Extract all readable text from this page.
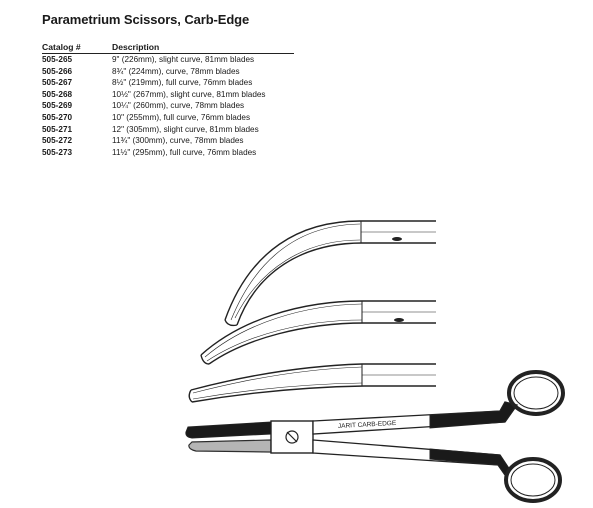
Parametrium Scissors, Carb-Edge
Catalog #	Description
505-265	9" (226mm), slight curve, 81mm blades
505-266	8¾" (224mm), curve, 78mm blades
505-267	8½" (219mm), full curve, 76mm blades
505-268	10½" (267mm), slight curve, 81mm blades
505-269	10¼" (260mm), curve, 78mm blades
505-270	10" (255mm), full curve, 76mm blades
505-271	12" (305mm), slight curve, 81mm blades
505-272	11¾" (300mm), curve, 78mm blades
505-273	11½" (295mm), full curve, 76mm blades
JARIT CARB-EDGE
